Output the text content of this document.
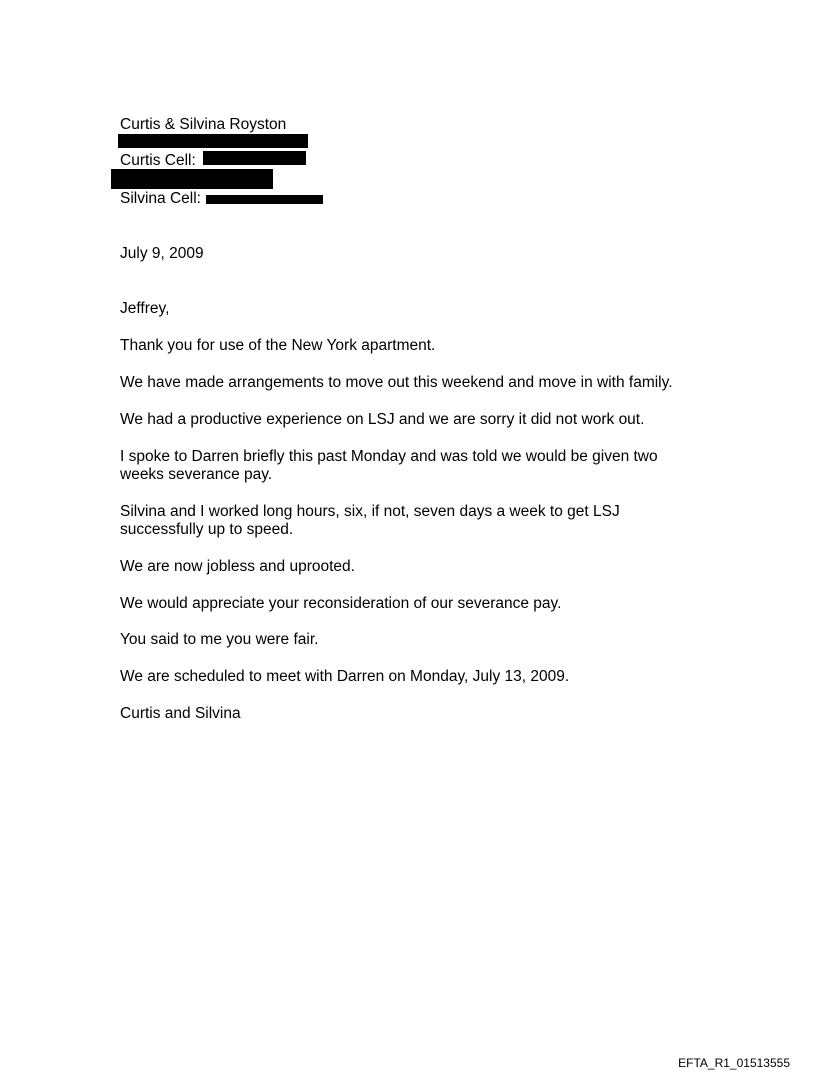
Curtis & Silvina Royston
Curtis Cell:
Silvina Cell:
July 9, 2009
Jeffrey,
Thank you for use of the New York apartment.
We have made arrangements to move out this weekend and move in with family.
We had a productive experience on LSJ and we are sorry it did not work out.
I spoke to Darren briefly this past Monday and was told we would be given two weeks severance pay.
Silvina and I worked long hours, six, if not, seven days a week to get LSJ successfully up to speed.
We are now jobless and uprooted.
We would appreciate your reconsideration of our severance pay.
You said to me you were fair.
We are scheduled to meet with Darren on Monday, July 13, 2009.
Curtis and Silvina
EFTA_R1_01513555
